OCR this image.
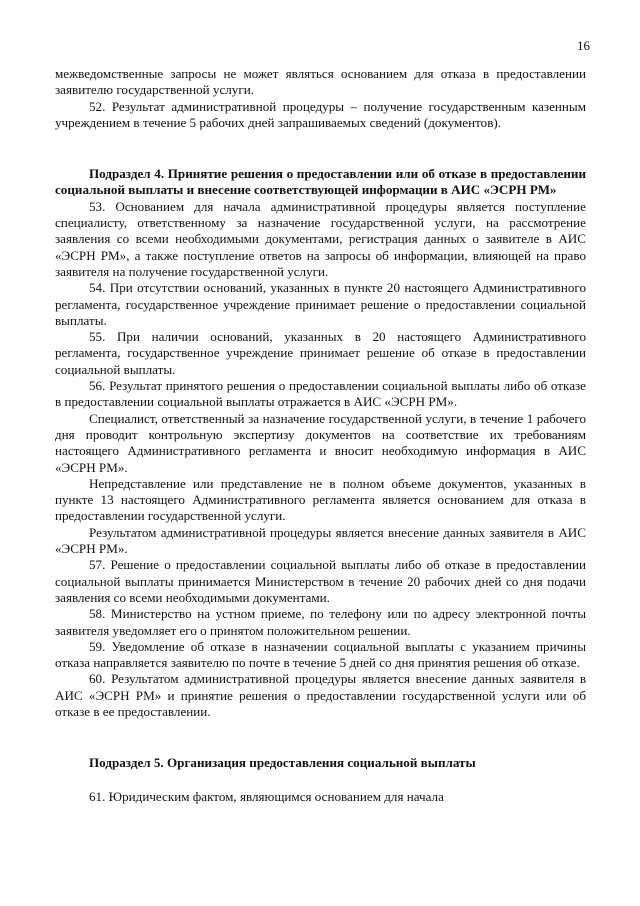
16

межведомственные запросы не может являться основанием для отказа в предоставлении заявителю государственной услуги.

52. Результат административной процедуры – получение государственным казенным учреждением в течение 5 рабочих дней запрашиваемых сведений (документов).

Подраздел 4. Принятие решения о предоставлении или об отказе в предоставлении социальной выплаты и внесение соответствующей информации в АИС «ЭСРН РМ»

53. Основанием для начала административной процедуры является поступление специалисту, ответственному за назначение государственной услуги, на рассмотрение заявления со всеми необходимыми документами, регистрация данных о заявителе в АИС «ЭСРН РМ», а также поступление ответов на запросы об информации, влияющей на право заявителя на получение государственной услуги.

54. При отсутствии оснований, указанных в пункте 20 настоящего Административного регламента, государственное учреждение принимает решение о предоставлении социальной выплаты.

55. При наличии оснований, указанных в 20 настоящего Административного регламента, государственное учреждение принимает решение об отказе в предоставлении социальной выплаты.

56. Результат принятого решения о предоставлении социальной выплаты либо об отказе в предоставлении социальной выплаты отражается в АИС «ЭСРН РМ».

Специалист, ответственный за назначение государственной услуги, в течение 1 рабочего дня проводит контрольную экспертизу документов на соответствие их требованиям настоящего Административного регламента и вносит необходимую информация в АИС «ЭСРН РМ».

Непредставление или представление не в полном объеме документов, указанных в пункте 13 настоящего Административного регламента является основанием для отказа в предоставлении государственной услуги.

Результатом административной процедуры является внесение данных заявителя в АИС «ЭСРН РМ».

57. Решение о предоставлении социальной выплаты либо об отказе в предоставлении социальной выплаты принимается Министерством в течение 20 рабочих дней со дня подачи заявления со всеми необходимыми документами.

58. Министерство на устном приеме, по телефону или по адресу электронной почты заявителя уведомляет его о принятом положительном решении.

59. Уведомление об отказе в назначении социальной выплаты с указанием причины отказа направляется заявителю по почте в течение 5 дней со дня принятия решения об отказе.

60. Результатом административной процедуры является внесение данных заявителя в АИС «ЭСРН РМ» и принятие решения о предоставлении государственной услуги или об отказе в ее предоставлении.

Подраздел 5. Организация предоставления социальной выплаты

61. Юридическим фактом, являющимся основанием для начала
